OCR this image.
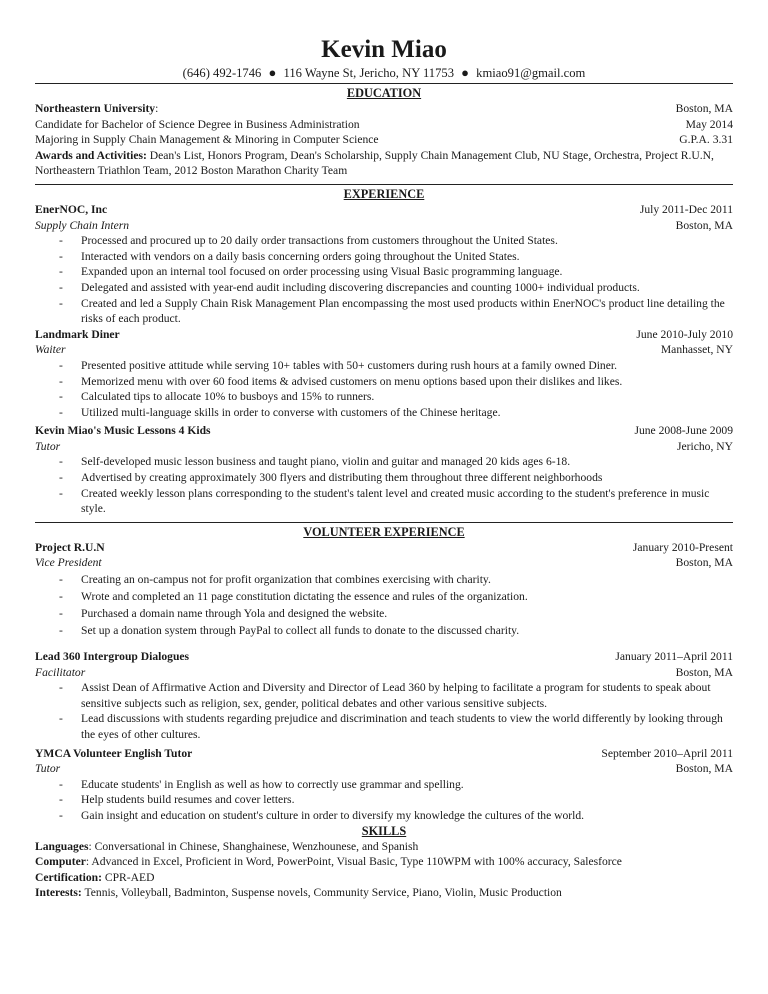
Kevin Miao
(646) 492-1746 ● 116 Wayne St, Jericho, NY 11753 ● kmiao91@gmail.com
EDUCATION
Northeastern University:	Boston, MA
Candidate for Bachelor of Science Degree in Business Administration	May 2014
Majoring in Supply Chain Management & Minoring in Computer Science	G.P.A. 3.31
Awards and Activities: Dean's List, Honors Program, Dean's Scholarship, Supply Chain Management Club, NU Stage, Orchestra, Project R.U.N, Northeastern Triathlon Team, 2012 Boston Marathon Charity Team
EXPERIENCE
EnerNOC, Inc	July 2011-Dec 2011
Supply Chain Intern	Boston, MA
- Processed and procured up to 20 daily order transactions from customers throughout the United States.
- Interacted with vendors on a daily basis concerning orders going throughout the United States.
- Expanded upon an internal tool focused on order processing using Visual Basic programming language.
- Delegated and assisted with year-end audit including discovering discrepancies and counting 1000+ individual products.
- Created and led a Supply Chain Risk Management Plan encompassing the most used products within EnerNOC's product line detailing the risks of each product.
Landmark Diner	June 2010-July 2010
Waiter	Manhasset, NY
- Presented positive attitude while serving 10+ tables with 50+ customers during rush hours at a family owned Diner.
- Memorized menu with over 60 food items & advised customers on menu options based upon their dislikes and likes.
- Calculated tips to allocate 10% to busboys and 15% to runners.
- Utilized multi-language skills in order to converse with customers of the Chinese heritage.
Kevin Miao's Music Lessons 4 Kids	June 2008-June 2009
Tutor	Jericho, NY
- Self-developed music lesson business and taught piano, violin and guitar and managed 20 kids ages 6-18.
- Advertised by creating approximately 300 flyers and distributing them throughout three different neighborhoods
- Created weekly lesson plans corresponding to the student's talent level and created music according to the student's preference in music style.
VOLUNTEER EXPERIENCE
Project R.U.N	January 2010-Present
Vice President	Boston, MA
- Creating an on-campus not for profit organization that combines exercising with charity.
- Wrote and completed an 11 page constitution dictating the essence and rules of the organization.
- Purchased a domain name through Yola and designed the website.
- Set up a donation system through PayPal to collect all funds to donate to the discussed charity.
Lead 360 Intergroup Dialogues	January 2011–April 2011
Facilitator	Boston, MA
- Assist Dean of Affirmative Action and Diversity and Director of Lead 360 by helping to facilitate a program for students to speak about sensitive subjects such as religion, sex, gender, political debates and other various sensitive subjects.
- Lead discussions with students regarding prejudice and discrimination and teach students to view the world differently by looking through the eyes of other cultures.
YMCA Volunteer English Tutor	September 2010–April 2011
Tutor	Boston, MA
- Educate students' in English as well as how to correctly use grammar and spelling.
- Help students build resumes and cover letters.
- Gain insight and education on student's culture in order to diversify my knowledge the cultures of the world.
SKILLS

Languages: Conversational in Chinese, Shanghainese, Wenzhounese, and Spanish

Computer: Advanced in Excel, Proficient in Word, PowerPoint, Visual Basic, Type 110WPM with 100% accuracy, Salesforce

Certification: CPR-AED

Interests: Tennis, Volleyball, Badminton, Suspense novels, Community Service, Piano, Violin, Music Production
